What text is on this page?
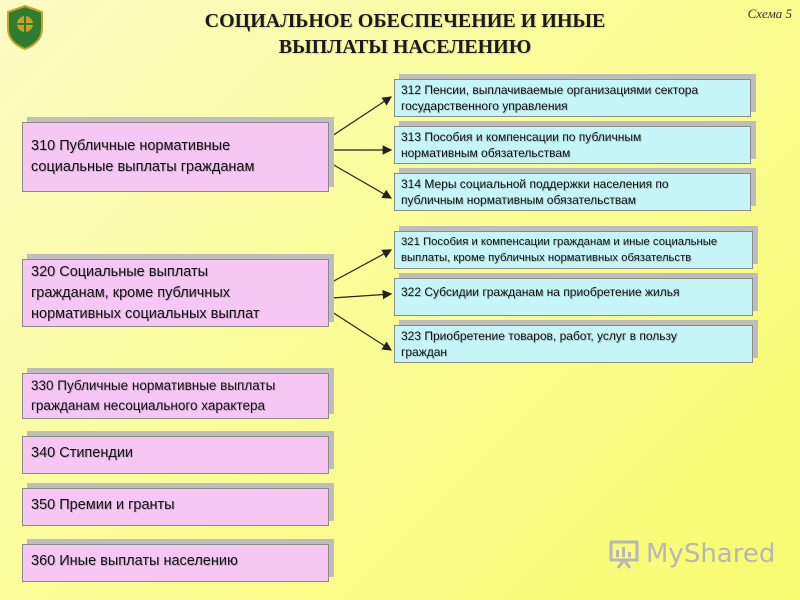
СОЦИАЛЬНОЕ ОБЕСПЕЧЕНИЕ И ИНЫЕ
ВЫПЛАТЫ НАСЕЛЕНИЮ
Схема 5
310 Публичные нормативные
социальные выплаты гражданам
320 Социальные выплаты
гражданам, кроме публичных
нормативных социальных выплат
330 Публичные нормативные выплаты
гражданам несоциального характера
340 Стипендии
350 Премии и гранты
360 Иные выплаты населению
312 Пенсии, выплачиваемые организациями сектора
государственного управления
313 Пособия и компенсации по публичным
нормативным обязательствам
314 Меры социальной поддержки населения по
публичным нормативным обязательствам
321 Пособия и компенсации гражданам и иные социальные
выплаты, кроме публичных нормативных обязательств
322 Субсидии гражданам на приобретение жилья
323 Приобретение товаров, работ, услуг в пользу
граждан
MyShared
